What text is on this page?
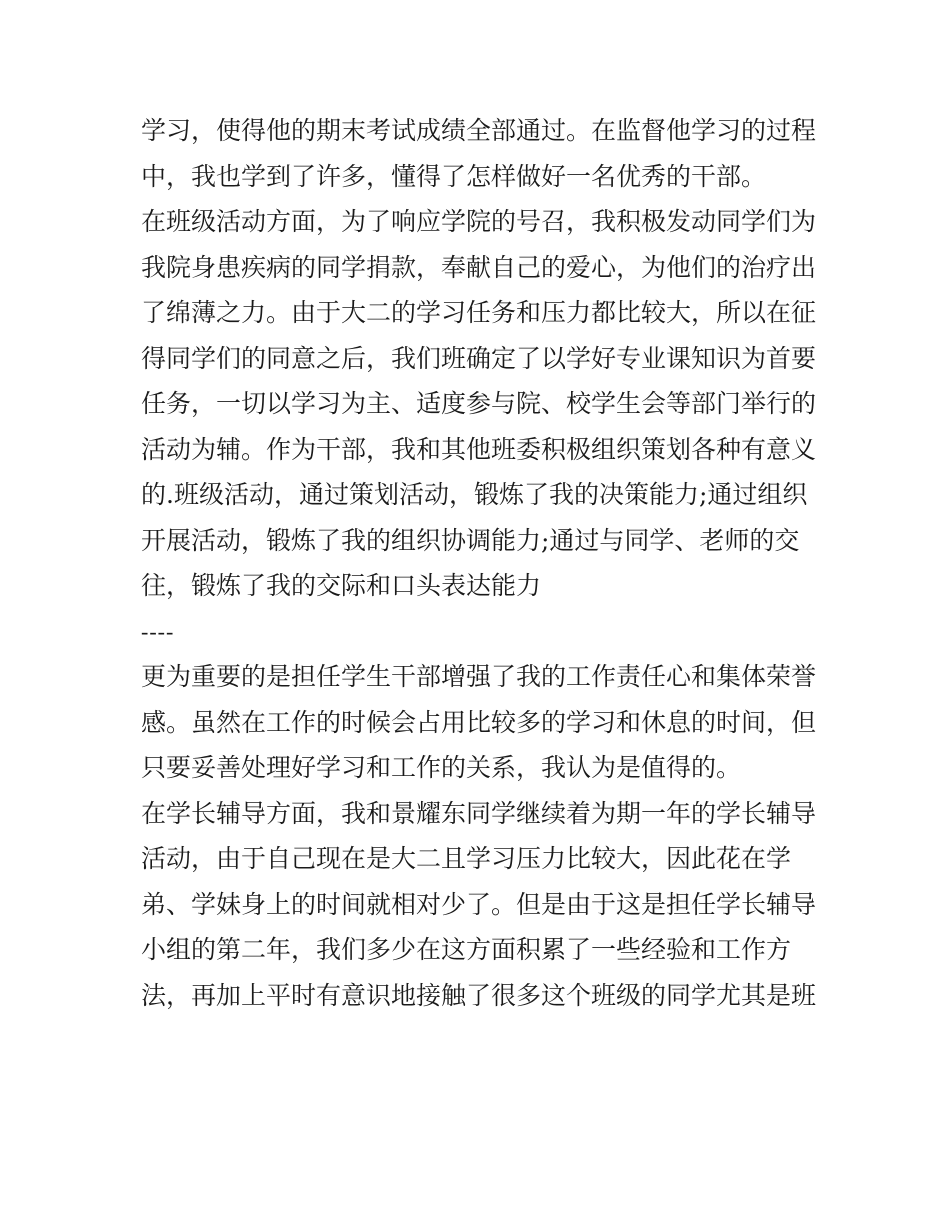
学习，使得他的期末考试成绩全部通过。在监督他学习的过程
中，我也学到了许多，懂得了怎样做好一名优秀的干部。
在班级活动方面，为了响应学院的号召，我积极发动同学们为
我院身患疾病的同学捐款，奉献自己的爱心，为他们的治疗出
了绵薄之力。由于大二的学习任务和压力都比较大，所以在征
得同学们的同意之后，我们班确定了以学好专业课知识为首要
任务，一切以学习为主、适度参与院、校学生会等部门举行的
活动为辅。作为干部，我和其他班委积极组织策划各种有意义
的.班级活动，通过策划活动，锻炼了我的决策能力;通过组织
开展活动，锻炼了我的组织协调能力;通过与同学、老师的交
往，锻炼了我的交际和口头表达能力
----
更为重要的是担任学生干部增强了我的工作责任心和集体荣誉
感。虽然在工作的时候会占用比较多的学习和休息的时间，但
只要妥善处理好学习和工作的关系，我认为是值得的。
在学长辅导方面，我和景耀东同学继续着为期一年的学长辅导
活动，由于自己现在是大二且学习压力比较大，因此花在学
弟、学妹身上的时间就相对少了。但是由于这是担任学长辅导
小组的第二年，我们多少在这方面积累了一些经验和工作方
法，再加上平时有意识地接触了很多这个班级的同学尤其是班
